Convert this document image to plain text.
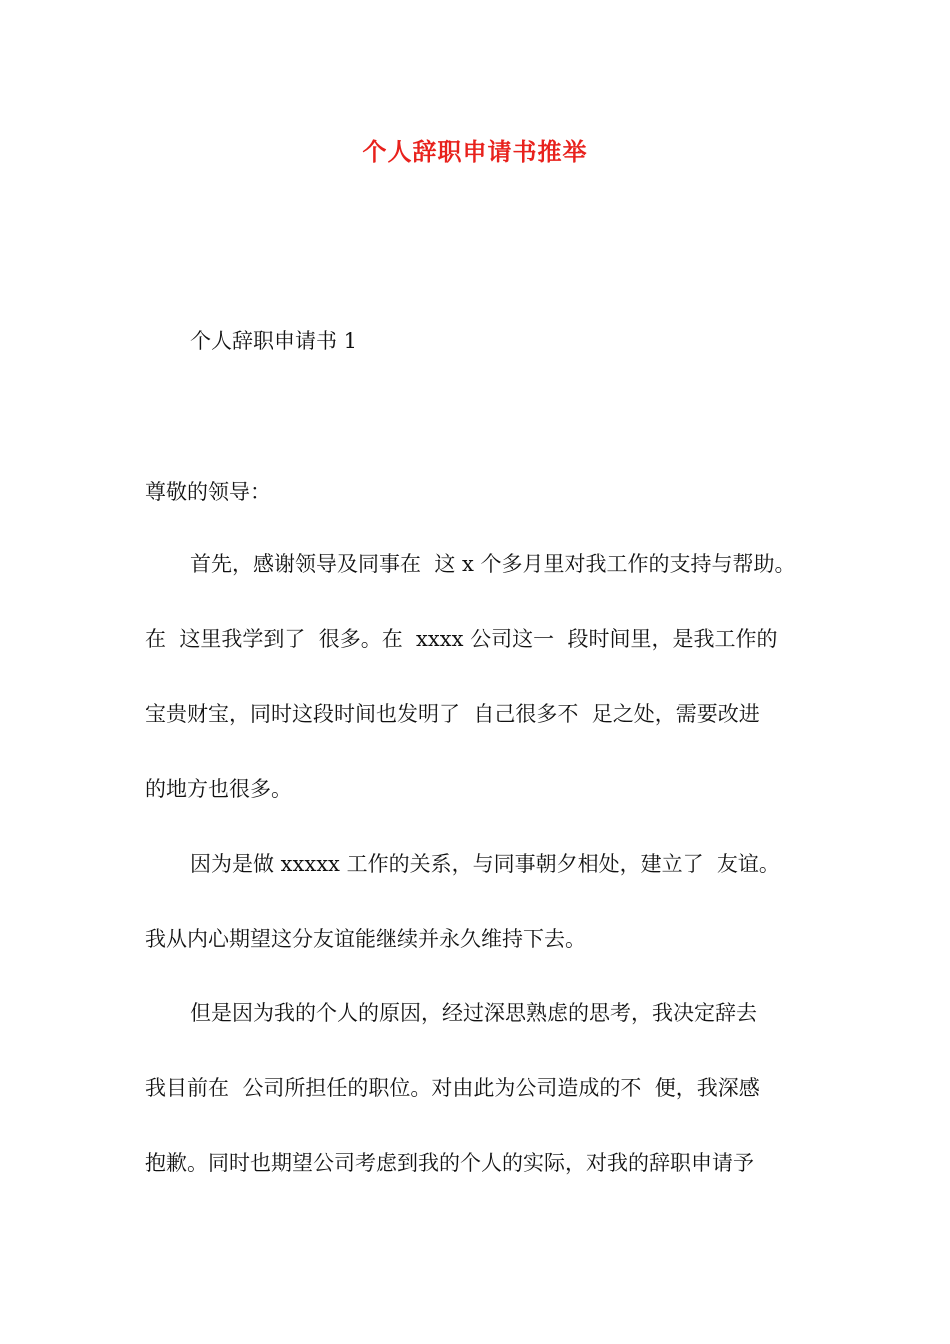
个人辞职申请书推举
个人辞职申请书 1
尊敬的领导：
首先，感谢领导及同事在  这 x 个多月里对我工作的支持与帮助。
在  这里我学到了  很多。在  xxxx 公司这一  段时间里，是我工作的
宝贵财宝，同时这段时间也发明了  自己很多不  足之处，需要改进
的地方也很多。
因为是做 xxxxx 工作的关系，与同事朝夕相处，建立了  友谊。
我从内心期望这分友谊能继续并永久维持下去。
但是因为我的个人的原因，经过深思熟虑的思考，我决定辞去
我目前在  公司所担任的职位。对由此为公司造成的不  便，我深感
抱歉。同时也期望公司考虑到我的个人的实际，对我的辞职申请予
